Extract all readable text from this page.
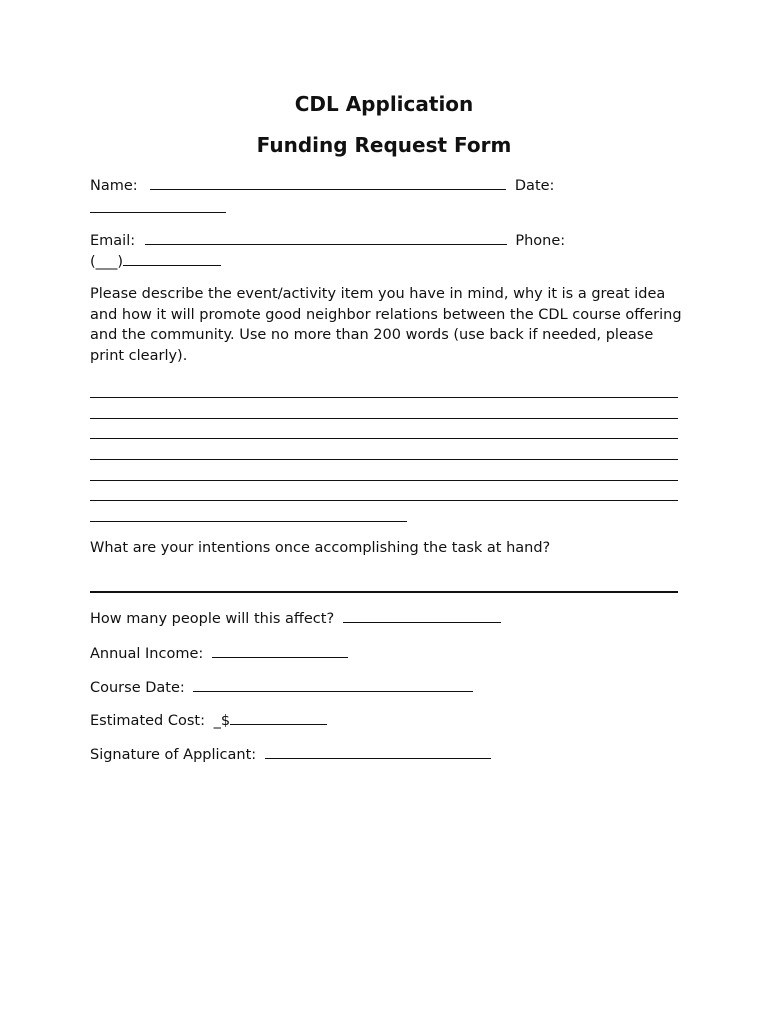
CDL Application
Funding Request Form
Name:	Date:
Email:	Phone:
(___)
Please describe the event/activity item you have in mind, why it is a great idea and how it will promote good neighbor relations between the CDL course offering and the community. Use no more than 200 words (use back if needed, please print clearly).
What are your intentions once accomplishing the task at hand?
How many people will this affect?
Annual Income:
Course Date:
Estimated Cost: _$
Signature of Applicant:
